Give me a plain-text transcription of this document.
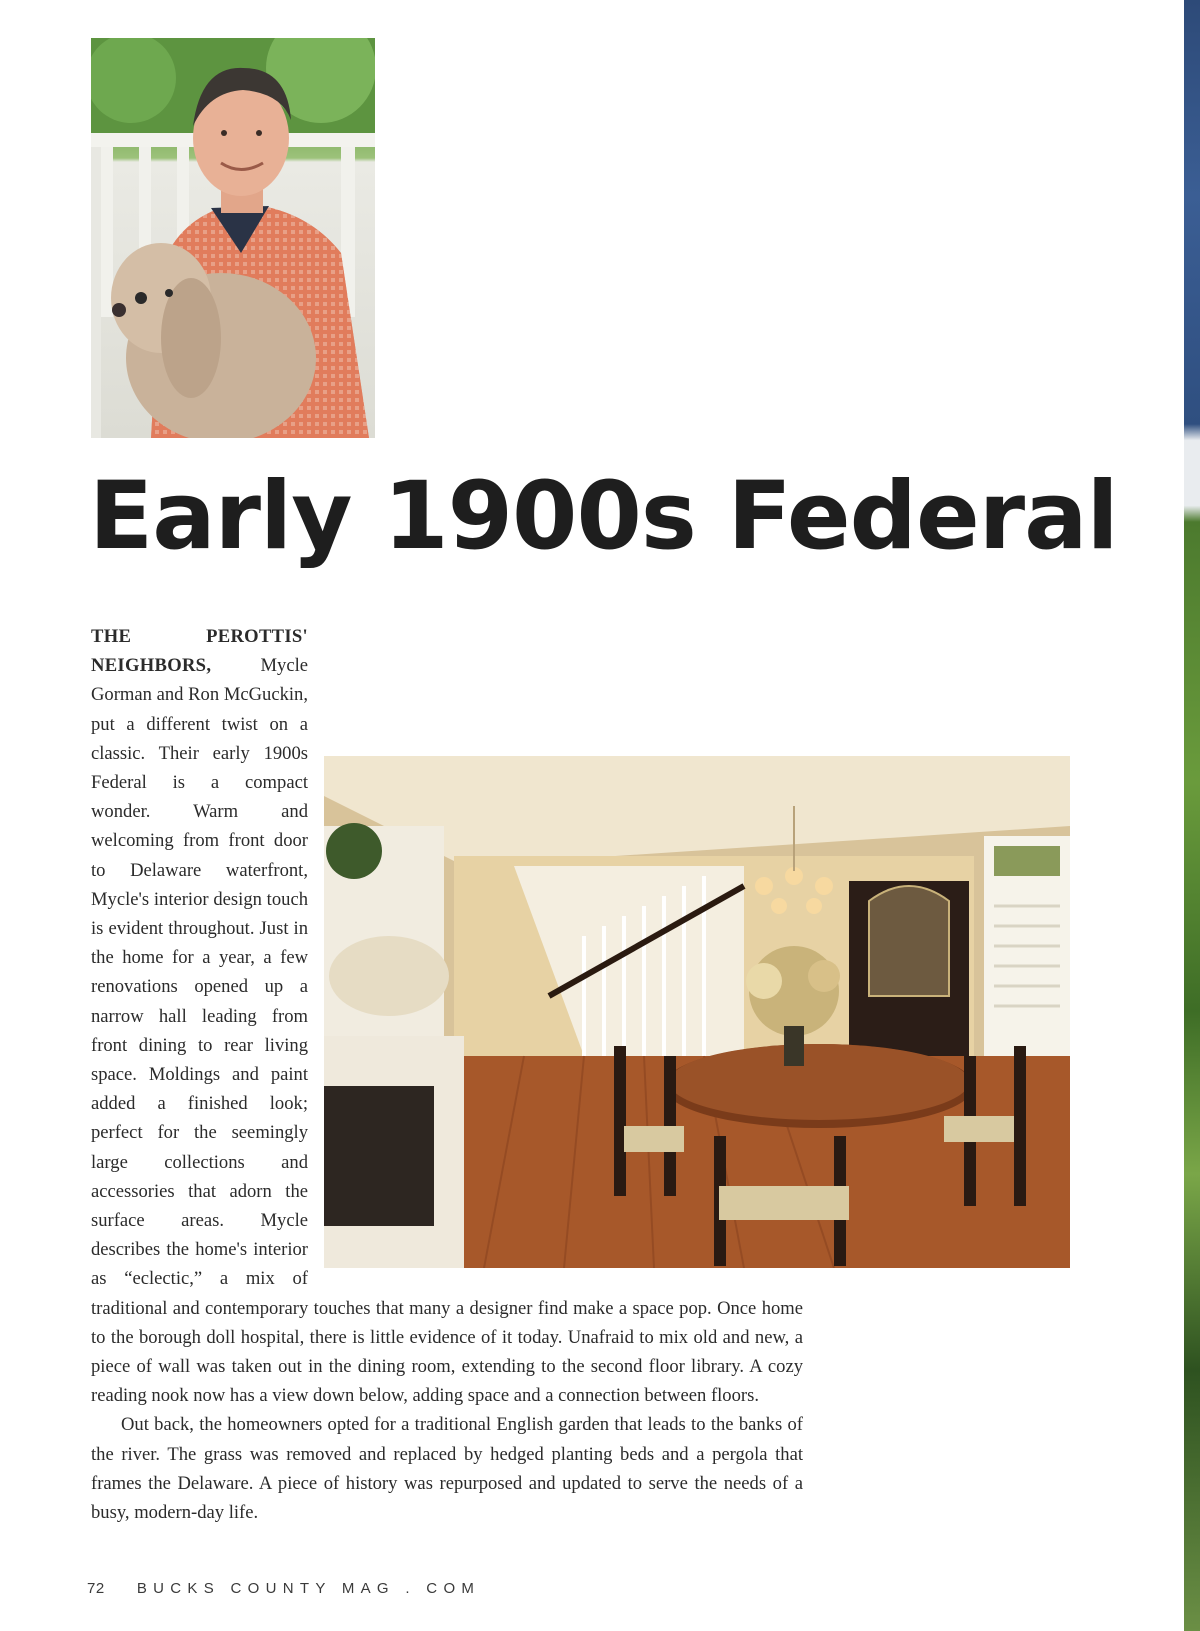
Early 1900s Federal

THE PEROTTIS' NEIGHBORS, Mycle Gorman and Ron McGuckin, put a different twist on a classic. Their early 1900s Federal is a compact wonder. Warm and welcoming from front door to Delaware waterfront, Mycle's interior design touch is evident throughout. Just in the home for a year, a few renovations opened up a narrow hall leading from front dining to rear living space. Moldings and paint added a finished look; perfect for the seemingly large collections and accessories that adorn the surface areas. Mycle describes the home's interior as “eclectic,” a mix of traditional and contemporary touches that many a designer find make a space pop. Once home to the borough doll hospital, there is little evidence of it today. Unafraid to mix old and new, a piece of wall was taken out in the dining room, extending to the second floor library. A cozy reading nook now has a view down below, adding space and a connection between floors.

Out back, the homeowners opted for a traditional English garden that leads to the banks of the river. The grass was removed and replaced by hedged planting beds and a pergola that frames the Delaware. A piece of history was repurposed and updated to serve the needs of a busy, modern-day life.

72 BUCKS COUNTY MAG . COM
